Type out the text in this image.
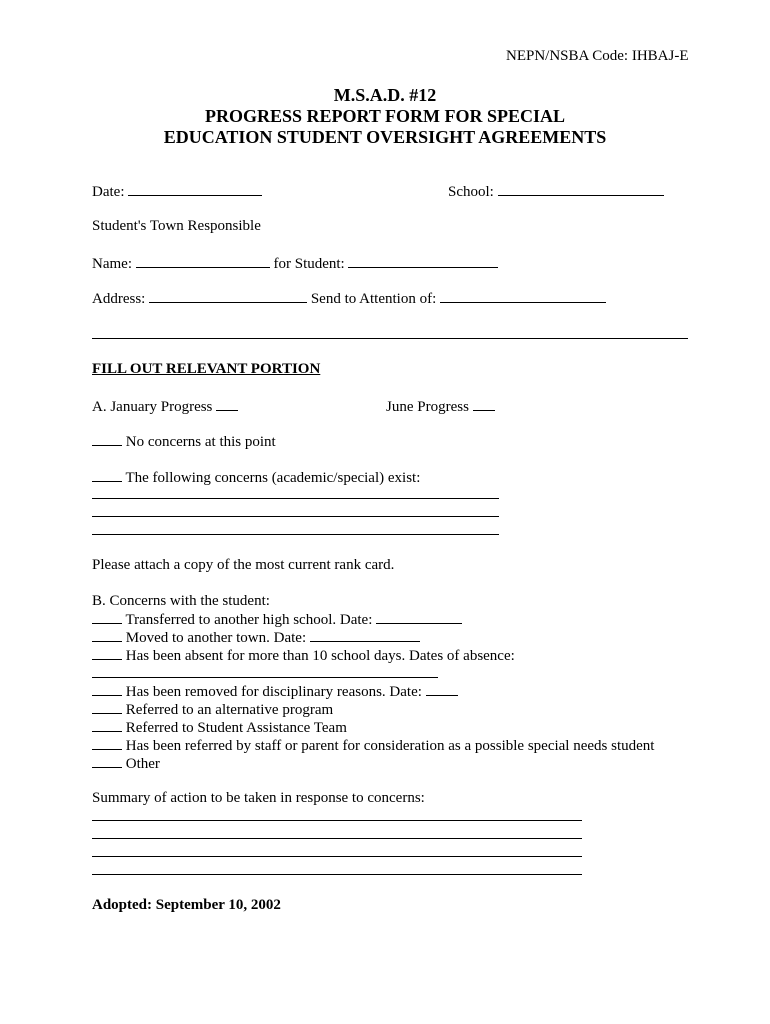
NEPN/NSBA Code: IHBAJ-E
M.S.A.D. #12
PROGRESS REPORT FORM FOR SPECIAL
EDUCATION STUDENT OVERSIGHT AGREEMENTS
Date:	School:
Student's Town Responsible
Name:	for Student:
Address:	Send to Attention of:
FILL OUT RELEVANT PORTION
A. January Progress	June Progress
No concerns at this point
The following concerns (academic/special) exist:
Please attach a copy of the most current rank card.
B. Concerns with the student:
Transferred to another high school. Date:
Moved to another town. Date:
Has been absent for more than 10 school days. Dates of absence:
Has been removed for disciplinary reasons. Date:
Referred to an alternative program
Referred to Student Assistance Team
Has been referred by staff or parent for consideration as a possible special needs student
Other
Summary of action to be taken in response to concerns:
Adopted: September 10, 2002
